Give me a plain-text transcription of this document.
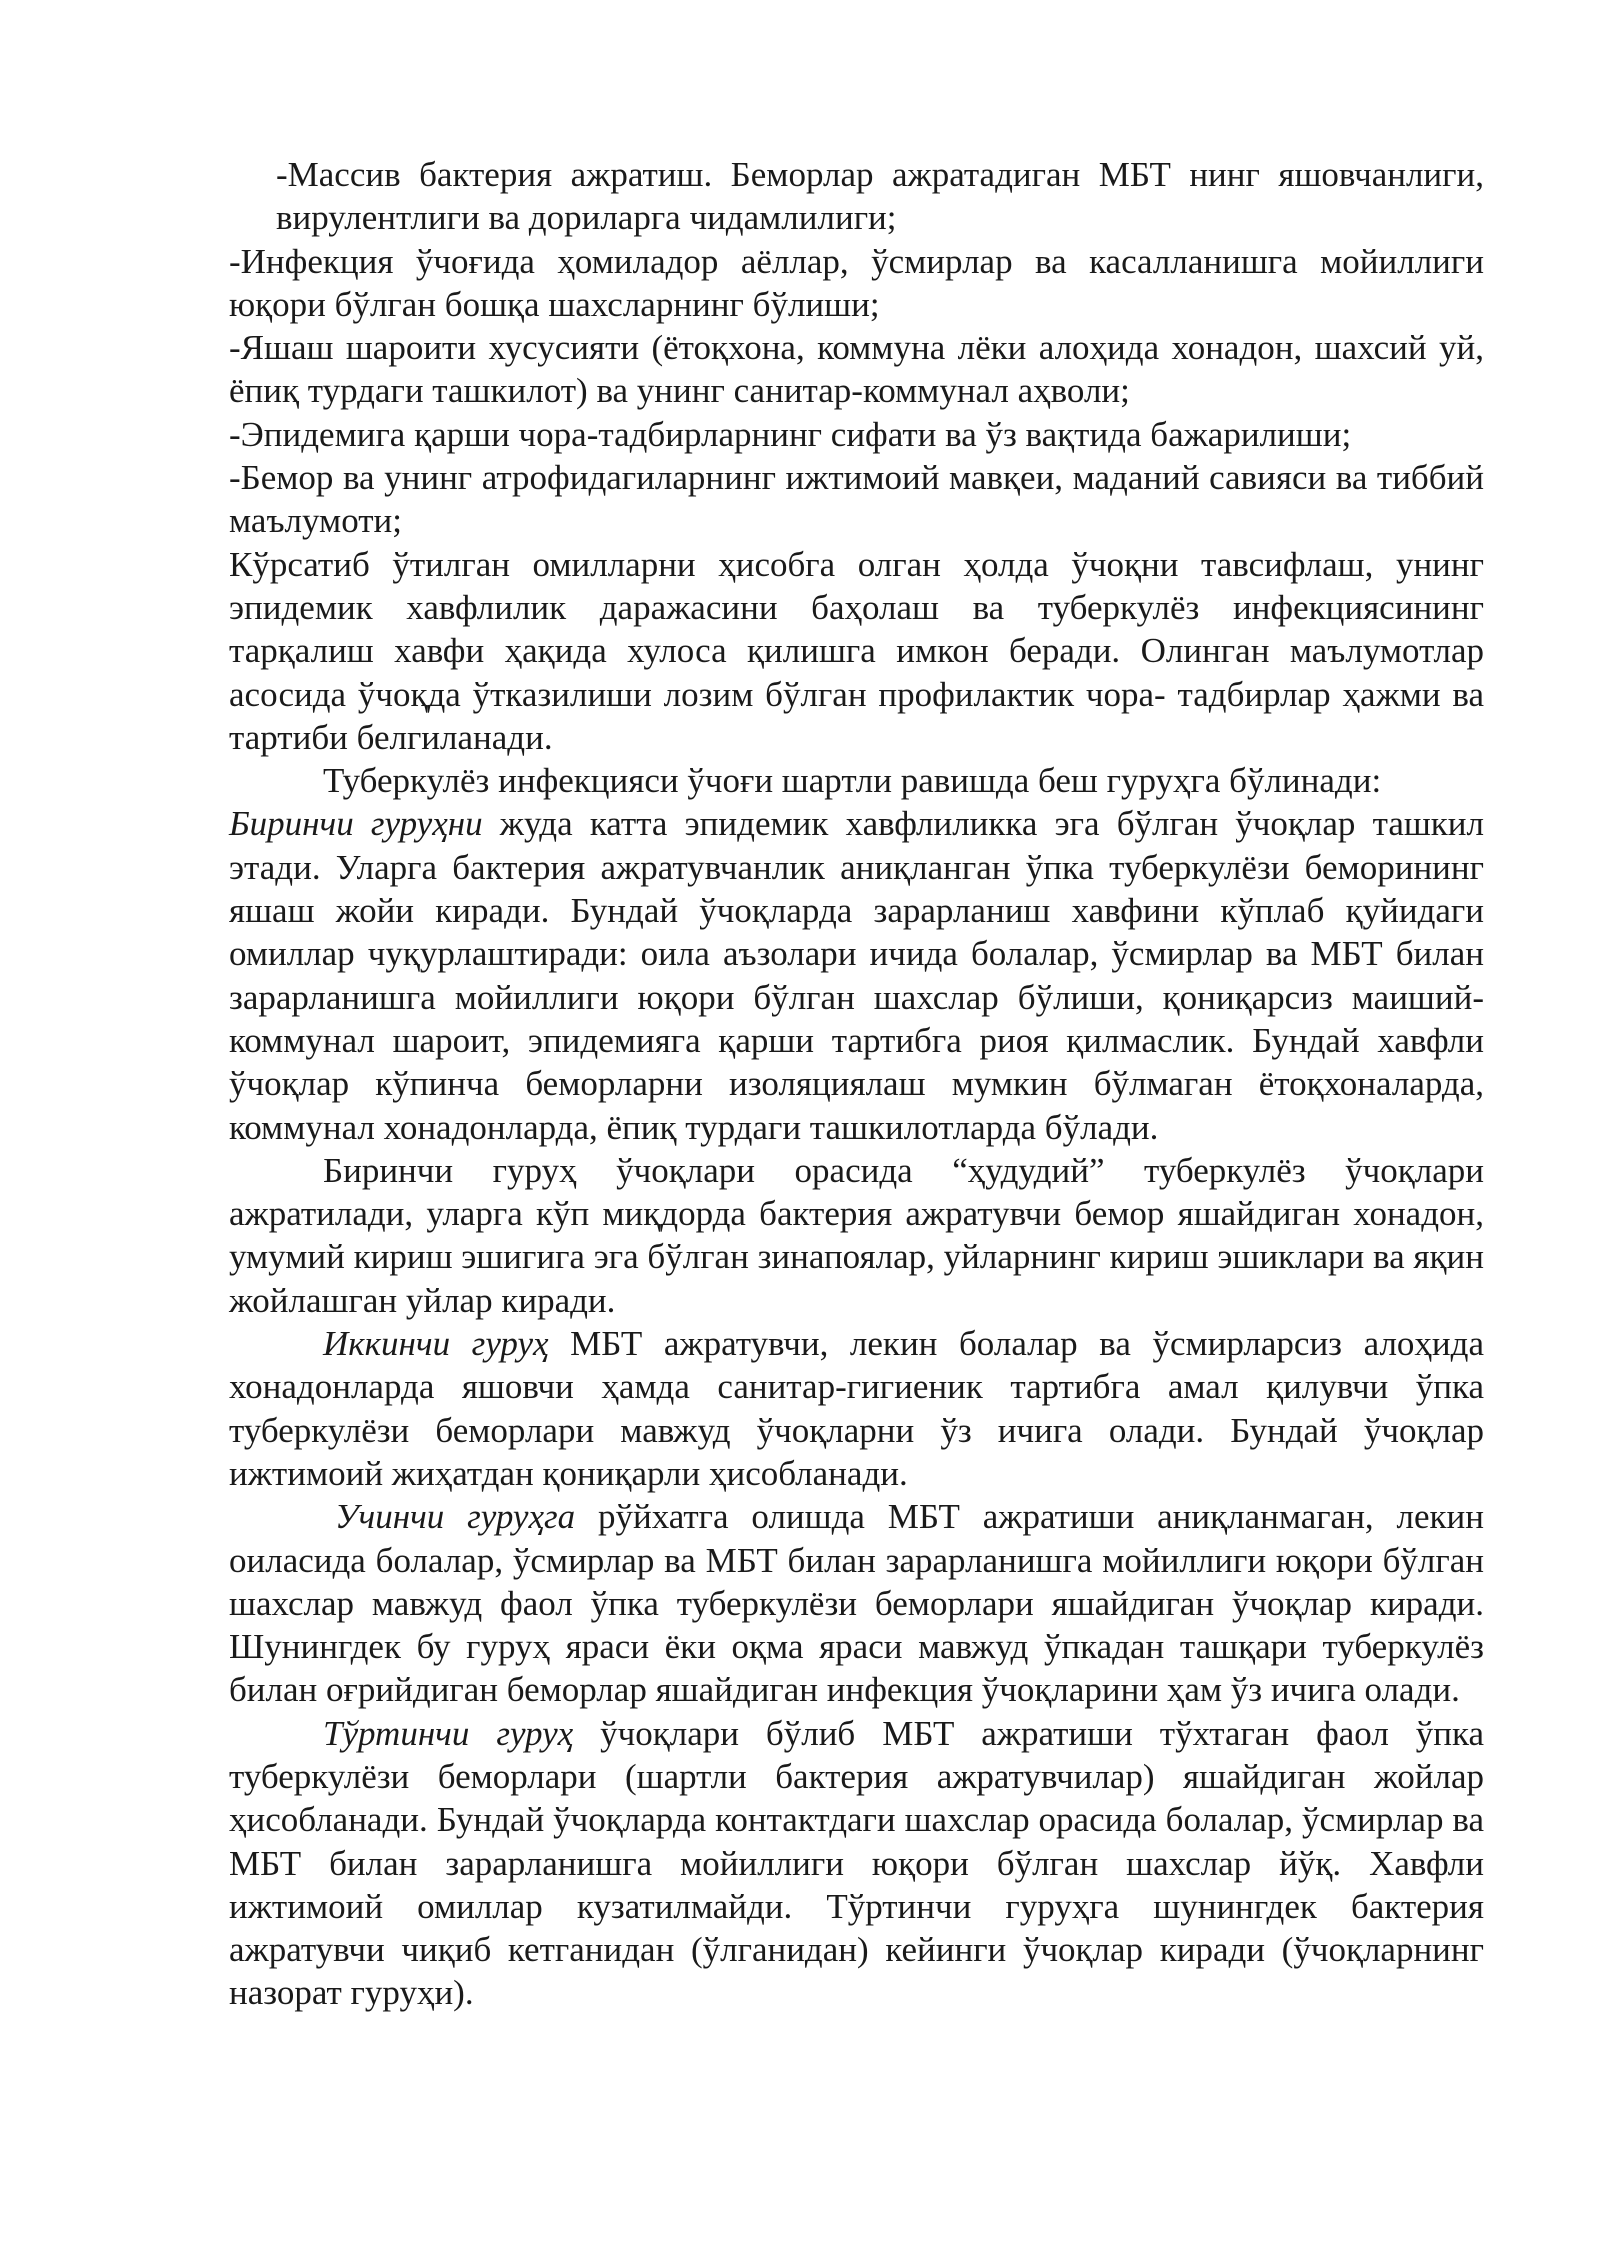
-Массив бактерия ажратиш. Беморлар ажратадиган МБТ нинг яшовчанлиги, вирулентлиги ва дориларга чидамлилиги;

-Инфекция ўчоғида ҳомиладор аёллар, ўсмирлар ва касалланишга мойиллиги юқори бўлган бошқа шахсларнинг бўлиши;

-Яшаш шароити хусусияти (ётоқхона, коммуна лёки алоҳида хонадон, шахсий уй, ёпиқ турдаги ташкилот) ва унинг санитар-коммунал аҳволи;

-Эпидемига қарши чора-тадбирларнинг сифати ва ўз вақтида бажарилиши;

-Бемор ва унинг атрофидагиларнинг ижтимоий мавқеи, маданий савияси ва тиббий маълумоти;

Кўрсатиб ўтилган омилларни ҳисобга олган ҳолда ўчоқни тавсифлаш, унинг эпидемик хавфлилик даражасини баҳолаш ва туберкулёз инфекциясининг тарқалиш хавфи ҳақида хулоса қилишга имкон беради. Олинган маълумотлар асосида ўчоқда ўтказилиши лозим бўлган профилактик чора- тадбирлар ҳажми ва тартиби белгиланади.

Туберкулёз инфекцияси ўчоғи шартли равишда беш гуруҳга бўлинади:

Биринчи гуруҳни жуда катта эпидемик хавфлиликка эга бўлган ўчоқлар ташкил этади. Уларга бактерия ажратувчанлик аниқланган ўпка туберкулёзи беморининг яшаш жойи киради. Бундай ўчоқларда зарарланиш хавфини кўплаб қуйидаги омиллар чуқурлаштиради: оила аъзолари ичида болалар, ўсмирлар ва МБТ билан зарарланишга мойиллиги юқори бўлган шахслар бўлиши, қониқарсиз маиший-коммунал шароит, эпидемияга қарши тартибга риоя қилмаслик. Бундай хавфли ўчоқлар кўпинча беморларни изоляциялаш мумкин бўлмаган ётоқхоналарда, коммунал хонадонларда, ёпиқ турдаги ташкилотларда бўлади.

Биринчи гуруҳ ўчоқлари орасида “ҳудудий” туберкулёз ўчоқлари ажратилади, уларга кўп миқдорда бактерия ажратувчи бемор яшайдиган хонадон, умумий кириш эшигига эга бўлган зинапоялар, уйларнинг кириш эшиклари ва яқин жойлашган уйлар киради.

Иккинчи гуруҳ МБТ ажратувчи, лекин болалар ва ўсмирларсиз алоҳида хонадонларда яшовчи ҳамда санитар-гигиеник тартибга амал қилувчи ўпка туберкулёзи беморлари мавжуд ўчоқларни ўз ичига олади. Бундай ўчоқлар ижтимоий жиҳатдан қониқарли ҳисобланади.

Учинчи гуруҳга рўйхатга олишда МБТ ажратиши аниқланмаган, лекин оиласида болалар, ўсмирлар ва МБТ билан зарарланишга мойиллиги юқори бўлган шахслар мавжуд фаол ўпка туберкулёзи беморлари яшайдиган ўчоқлар киради. Шунингдек бу гуруҳ яраси ёки оқма яраси мавжуд ўпкадан ташқари туберкулёз билан оғрийдиган беморлар яшайдиган инфекция ўчоқларини ҳам ўз ичига олади.

Тўртинчи гуруҳ ўчоқлари бўлиб МБТ ажратиши тўхтаган фаол ўпка туберкулёзи беморлари (шартли бактерия ажратувчилар) яшайдиган жойлар ҳисобланади. Бундай ўчоқларда контактдаги шахслар орасида болалар, ўсмирлар ва МБТ билан зарарланишга мойиллиги юқори бўлган шахслар йўқ. Хавфли ижтимоий омиллар кузатилмайди. Тўртинчи гуруҳга шунингдек бактерия ажратувчи чиқиб кетганидан (ўлганидан) кейинги ўчоқлар киради (ўчоқларнинг назорат гуруҳи).
